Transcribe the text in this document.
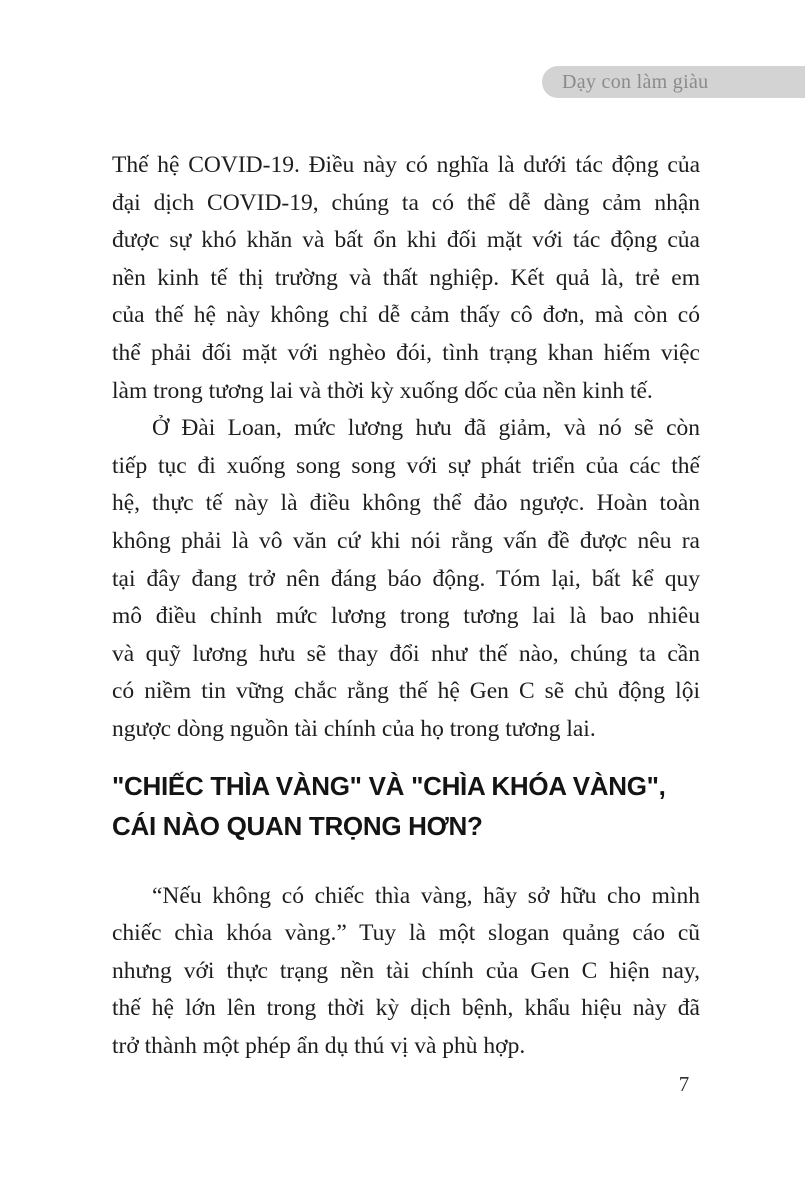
Dạy con làm giàu
Thế hệ COVID-19. Điều này có nghĩa là dưới tác động của
đại dịch COVID-19, chúng ta có thể dễ dàng cảm nhận
được sự khó khăn và bất ổn khi đối mặt với tác động của
nền kinh tế thị trường và thất nghiệp. Kết quả là, trẻ em
của thế hệ này không chỉ dễ cảm thấy cô đơn, mà còn có
thể phải đối mặt với nghèo đói, tình trạng khan hiếm việc
làm trong tương lai và thời kỳ xuống dốc của nền kinh tế.
Ở Đài Loan, mức lương hưu đã giảm, và nó sẽ còn
tiếp tục đi xuống song song với sự phát triển của các thế
hệ, thực tế này là điều không thể đảo ngược. Hoàn toàn
không phải là vô văn cứ khi nói rằng vấn đề được nêu ra
tại đây đang trở nên đáng báo động. Tóm lại, bất kể quy
mô điều chỉnh mức lương trong tương lai là bao nhiêu
và quỹ lương hưu sẽ thay đổi như thế nào, chúng ta cần
có niềm tin vững chắc rằng thế hệ Gen C sẽ chủ động lội
ngược dòng nguồn tài chính của họ trong tương lai.
"CHIẾC THÌA VÀNG" VÀ "CHÌA KHÓA VÀNG",
CÁI NÀO QUAN TRỌNG HƠN?
“Nếu không có chiếc thìa vàng, hãy sở hữu cho mình
chiếc chìa khóa vàng.” Tuy là một slogan quảng cáo cũ
nhưng với thực trạng nền tài chính của Gen C hiện nay,
thế hệ lớn lên trong thời kỳ dịch bệnh, khẩu hiệu này đã
trở thành một phép ẩn dụ thú vị và phù hợp.
7
